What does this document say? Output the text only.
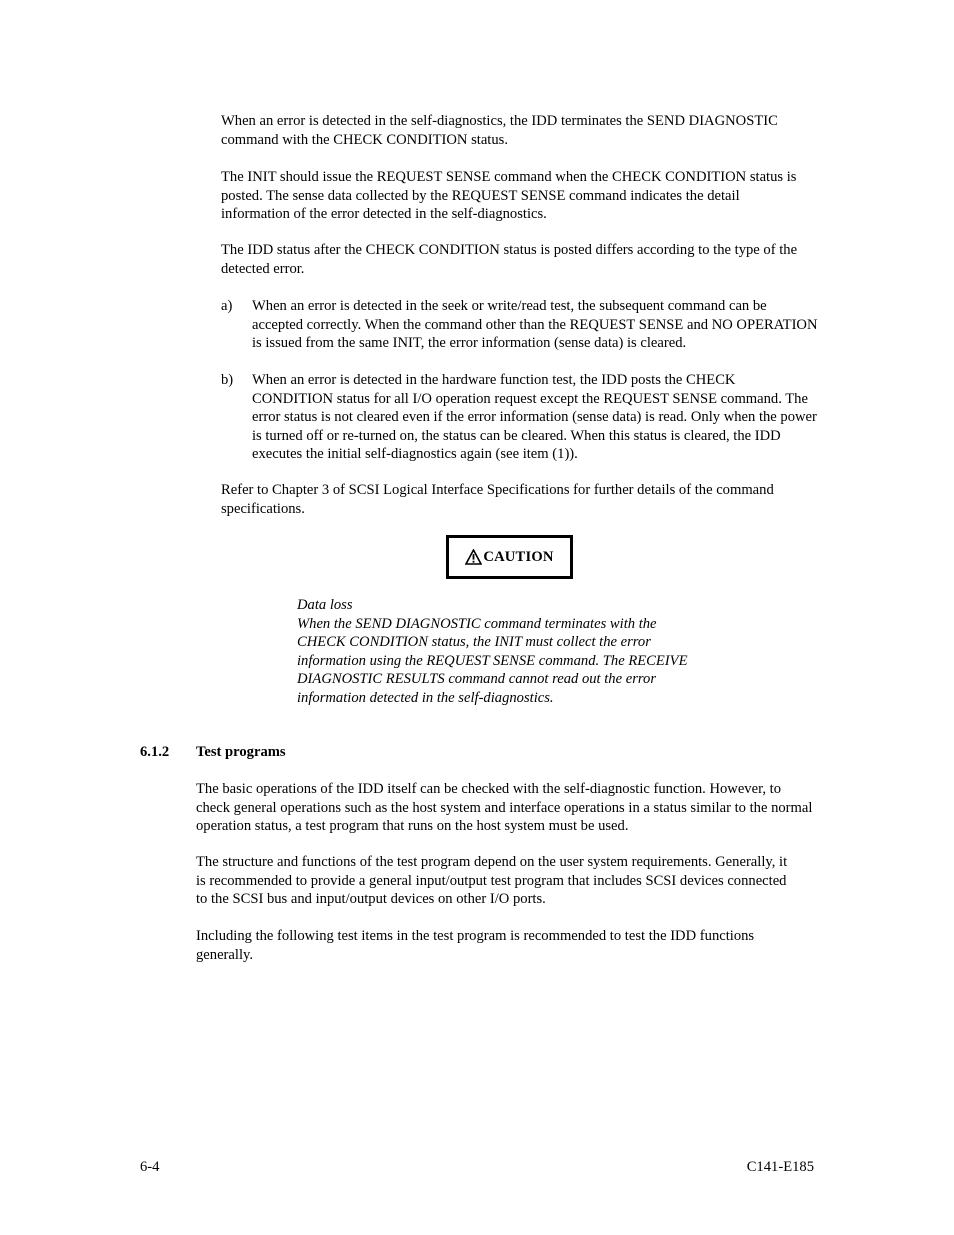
When an error is detected in the self-diagnostics, the IDD terminates the SEND DIAGNOSTIC command with the CHECK CONDITION status.

The INIT should issue the REQUEST SENSE command when the CHECK CONDITION status is posted. The sense data collected by the REQUEST SENSE command indicates the detail information of the error detected in the self-diagnostics.

The IDD status after the CHECK CONDITION status is posted differs according to the type of the detected error.

a) When an error is detected in the seek or write/read test, the subsequent command can be accepted correctly. When the command other than the REQUEST SENSE and NO OPERATION is issued from the same INIT, the error information (sense data) is cleared.

b) When an error is detected in the hardware function test, the IDD posts the CHECK CONDITION status for all I/O operation request except the REQUEST SENSE command. The error status is not cleared even if the error information (sense data) is read. Only when the power is turned off or re-turned on, the status can be cleared. When this status is cleared, the IDD executes the initial self-diagnostics again (see item (1)).

Refer to Chapter 3 of SCSI Logical Interface Specifications for further details of the command specifications.

CAUTION
Data loss
When the SEND DIAGNOSTIC command terminates with the
CHECK CONDITION status, the INIT must collect the error
information using the REQUEST SENSE command. The RECEIVE
DIAGNOSTIC RESULTS command cannot read out the error
information detected in the self-diagnostics.

6.1.2 Test programs

The basic operations of the IDD itself can be checked with the self-diagnostic function. However, to check general operations such as the host system and interface operations in a status similar to the normal operation status, a test program that runs on the host system must be used.

The structure and functions of the test program depend on the user system requirements. Generally, it is recommended to provide a general input/output test program that includes SCSI devices connected to the SCSI bus and input/output devices on other I/O ports.

Including the following test items in the test program is recommended to test the IDD functions generally.

6-4	C141-E185
